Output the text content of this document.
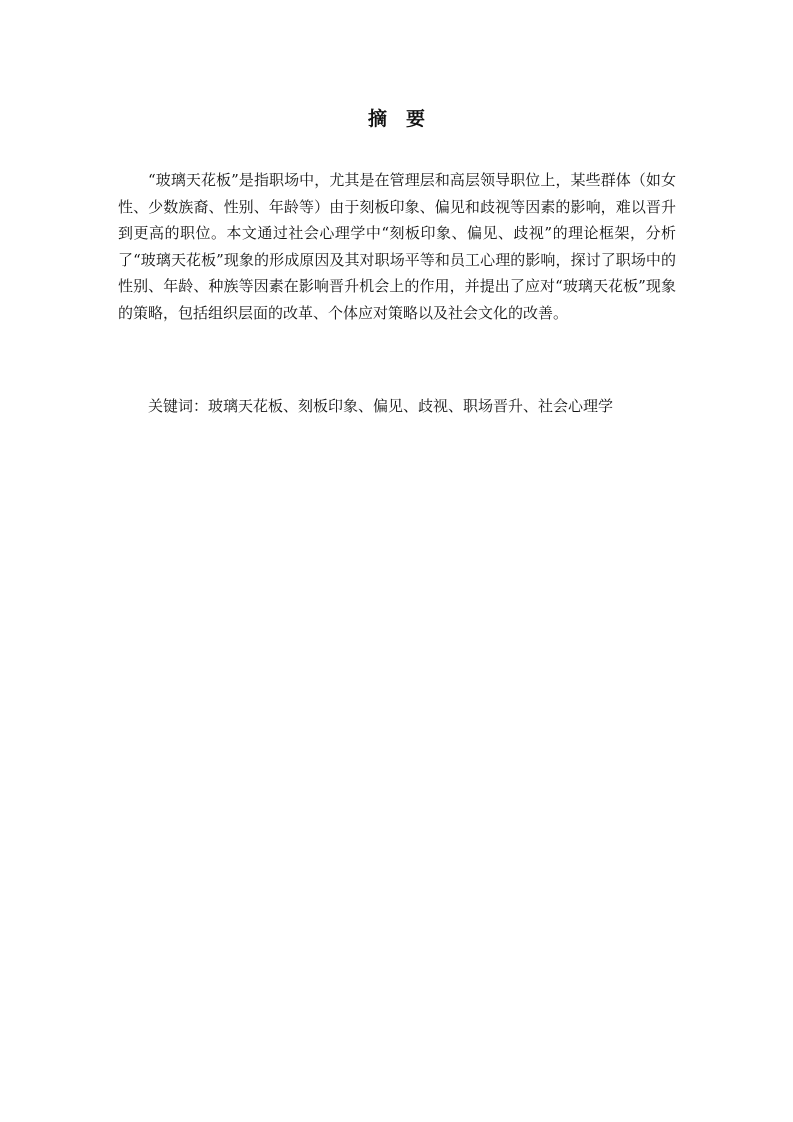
摘 要

“玻璃天花板”是指职场中，尤其是在管理层和高层领导职位上，某些群体（如女性、少数族裔、性别、年龄等）由于刻板印象、偏见和歧视等因素的影响，难以晋升到更高的职位。本文通过社会心理学中“刻板印象、偏见、歧视”的理论框架，分析了“玻璃天花板”现象的形成原因及其对职场平等和员工心理的影响，探讨了职场中的性别、年龄、种族等因素在影响晋升机会上的作用，并提出了应对“玻璃天花板”现象的策略，包括组织层面的改革、个体应对策略以及社会文化的改善。

关键词：玻璃天花板、刻板印象、偏见、歧视、职场晋升、社会心理学
